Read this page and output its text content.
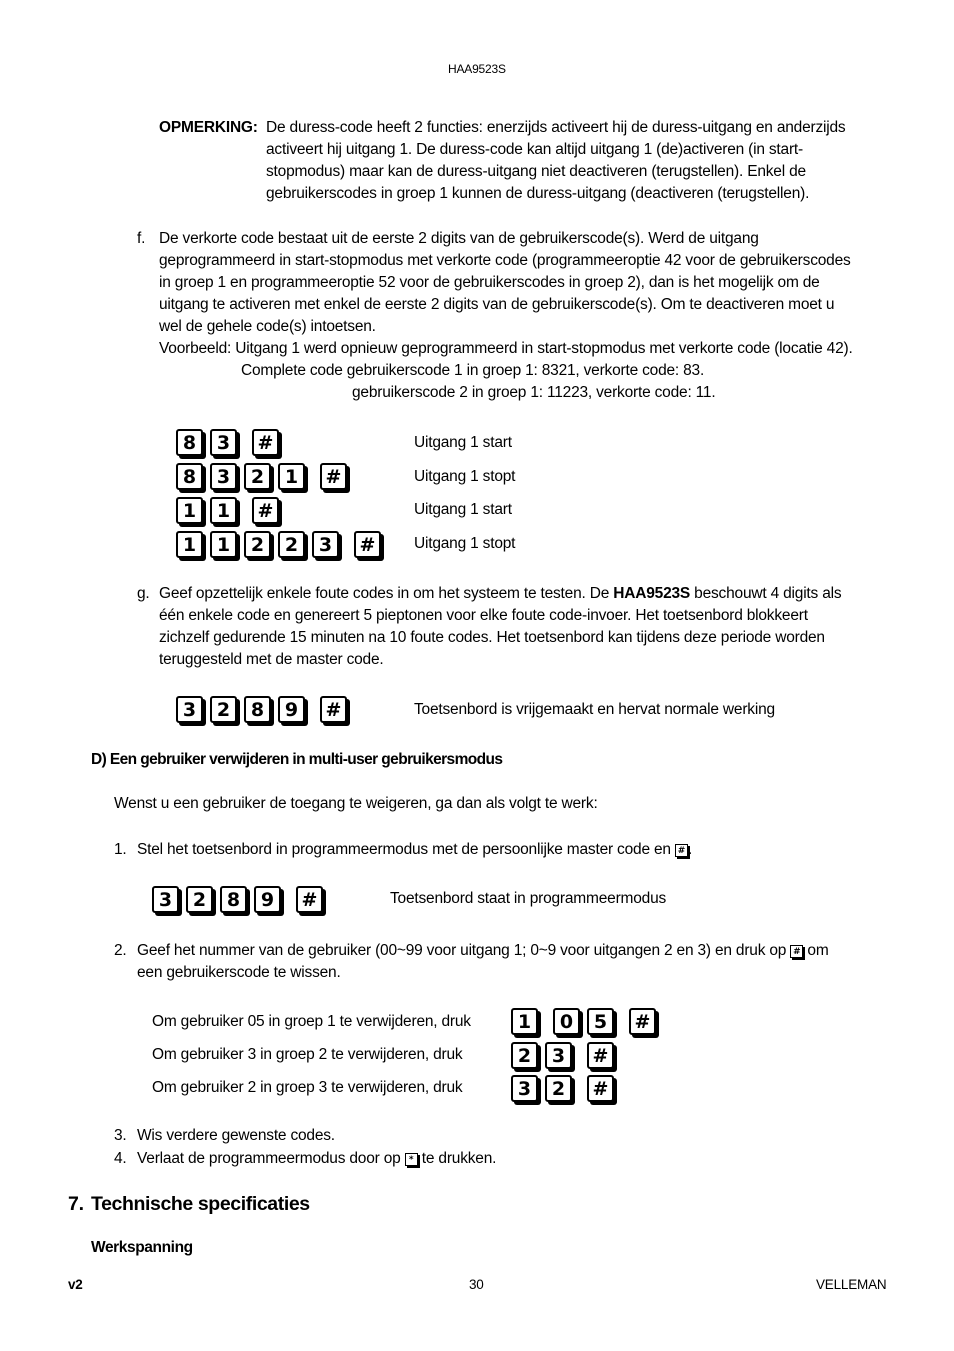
HAA9523S
OPMERKING: De duress-code heeft 2 functies: enerzijds activeert hij de duress-uitgang en anderzijds
activeert hij uitgang 1. De duress-code kan altijd uitgang 1 (de)activeren (in start-
stopmodus) maar kan de duress-uitgang niet deactiveren (terugstellen). Enkel de
gebruikerscodes in groep 1 kunnen de duress-uitgang (deactiveren (terugstellen).
f. De verkorte code bestaat uit de eerste 2 digits van de gebruikerscode(s). Werd de uitgang
geprogrammeerd in start-stopmodus met verkorte code (programmeeroptie 42 voor de gebruikerscodes
in groep 1 en programmeeroptie 52 voor de gebruikerscodes in groep 2), dan is het mogelijk om de
uitgang te activeren met enkel de eerste 2 digits van de gebruikerscode(s). Om te deactiveren moet u
wel de gehele code(s) intoetsen.
Voorbeeld: Uitgang 1 werd opnieuw geprogrammeerd in start-stopmodus met verkorte code (locatie 42).
Complete code gebruikerscode 1 in groep 1: 8321, verkorte code: 83.
gebruikerscode 2 in groep 1: 11223, verkorte code: 11.
8	3	#	Uitgang 1 start
8	3	2	1	#	Uitgang 1 stopt
1	1	#	Uitgang 1 start
1	1	2	2	3	#	Uitgang 1 stopt
g. Geef opzettelijk enkele foute codes in om het systeem te testen. De HAA9523S beschouwt 4 digits als
één enkele code en genereert 5 pieptonen voor elke foute code-invoer. Het toetsenbord blokkeert
zichzelf gedurende 15 minuten na 10 foute codes. Het toetsenbord kan tijdens deze periode worden
teruggesteld met de master code.
3	2	8	9	#	Toetsenbord is vrijgemaakt en hervat normale werking
D) Een gebruiker verwijderen in multi-user gebruikersmodus
Wenst u een gebruiker de toegang te weigeren, ga dan als volgt te werk:
1. Stel het toetsenbord in programmeermodus met de persoonlijke master code en # .
3	2	8	9	#	Toetsenbord staat in programmeermodus
2. Geef het nummer van de gebruiker (00~99 voor uitgang 1; 0~9 voor uitgangen 2 en 3) en druk op # om
een gebruikerscode te wissen.
Om gebruiker 05 in groep 1 te verwijderen, druk	1	0	5	#
Om gebruiker 3 in groep 2 te verwijderen, druk	2	3	#
Om gebruiker 2 in groep 3 te verwijderen, druk	3	2	#
3. Wis verdere gewenste codes.
4. Verlaat de programmeermodus door op * te drukken.
7. Technische specificaties
Werkspanning
v2	30	VELLEMAN
